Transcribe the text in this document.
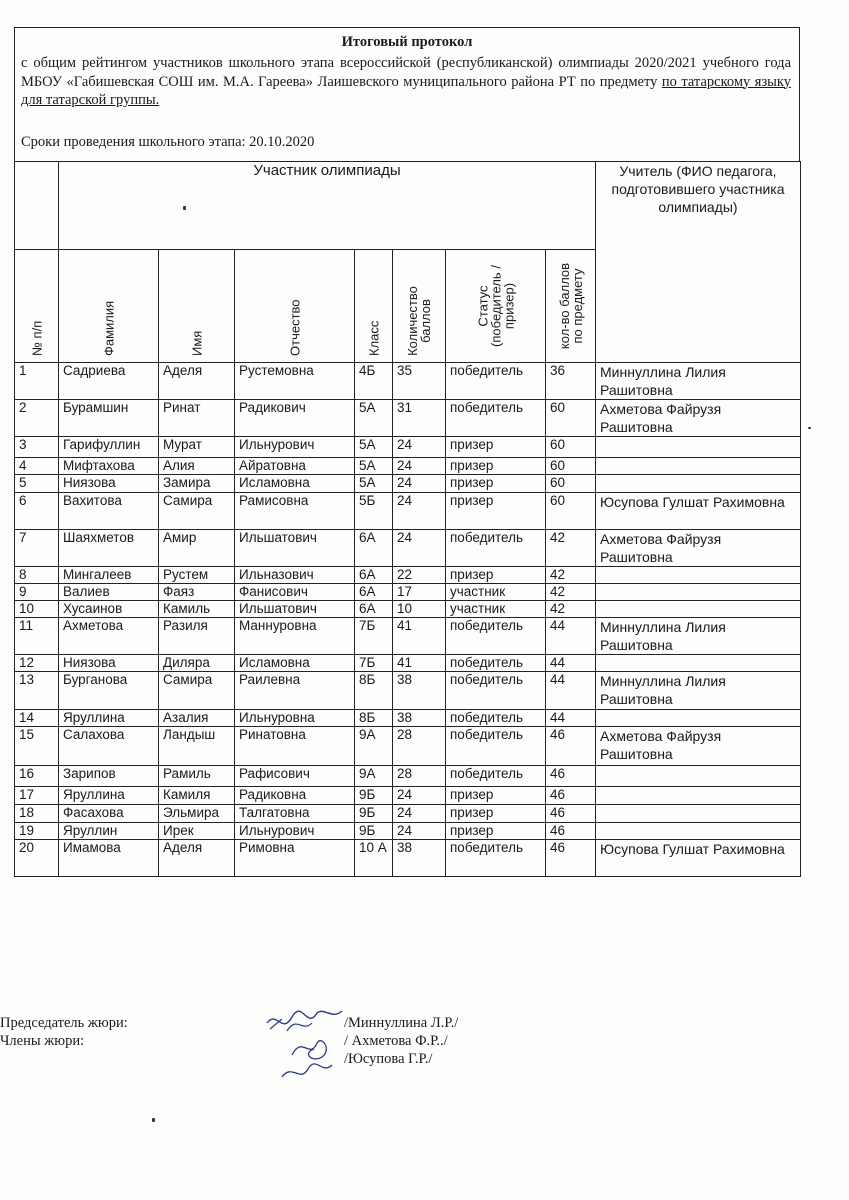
Итоговый протокол
с общим рейтингом участников школьного этапа всероссийской (республиканской) олимпиады 2020/2021 учебного года МБОУ «Габишевская СОШ им. М.А. Гареева» Лаишевского муниципального района РТ по предмету по татарскому языку для татарской группы.
Сроки проведения школьного этапа: 20.10.2020
	Участник олимпиады							Учитель (ФИО педагога, подготовившего участника олимпиады)

№ п/п	Фамилия	Имя	Отчество	Класс	Количество баллов	Статус (победитель /призер)	кол-во баллов по предмету	

1	Садриева	Аделя	Рустемовна	4Б	35	победитель	36	Миннуллина Лилия Рашитовна
2	Бурамшин	Ринат	Радикович	5А	31	победитель	60	Ахметова Файрузя Рашитовна
3	Гарифуллин	Мурат	Ильнурович	5А	24	призер	60	
4	Мифтахова	Алия	Айратовна	5А	24	призер	60	
5	Ниязова	Замира	Исламовна	5А	24	призер	60	
6	Вахитова	Самира	Рамисовна	5Б	24	призер	60	Юсупова Гулшат Рахимовна
7	Шаяхметов	Амир	Ильшатович	6А	24	победитель	42	Ахметова Файрузя Рашитовна
8	Мингалеев	Рустем	Ильназович	6А	22	призер	42	
9	Валиев	Фаяз	Фанисович	6А	17	участник	42	
10	Хусаинов	Камиль	Ильшатович	6А	10	участник	42	
11	Ахметова	Разиля	Маннуровна	7Б	41	победитель	44	Миннуллина Лилия Рашитовна
12	Ниязова	Диляра	Исламовна	7Б	41	победитель	44	
13	Бурганова	Самира	Раилевна	8Б	38	победитель	44	Миннуллина Лилия Рашитовна
14	Яруллина	Азалия	Ильнуровна	8Б	38	победитель	44	
15	Салахова	Ландыш	Ринатовна	9А	28	победитель	46	Ахметова Файрузя Рашитовна
16	Зарипов	Рамиль	Рафисович	9А	28	победитель	46	
17	Яруллина	Камиля	Радиковна	9Б	24	призер	46	
18	Фасахова	Эльмира	Талгатовна	9Б	24	призер	46	
19	Яруллин	Ирек	Ильнурович	9Б	24	призер	46	
20	Имамова	Аделя	Римовна	10 А	38	победитель	46	Юсупова Гулшат Рахимовна
Председатель жюри:
Члены жюри:
/Миннуллина Л.Р./
/ Ахметова Ф.Р../
/Юсупова Г.Р./
